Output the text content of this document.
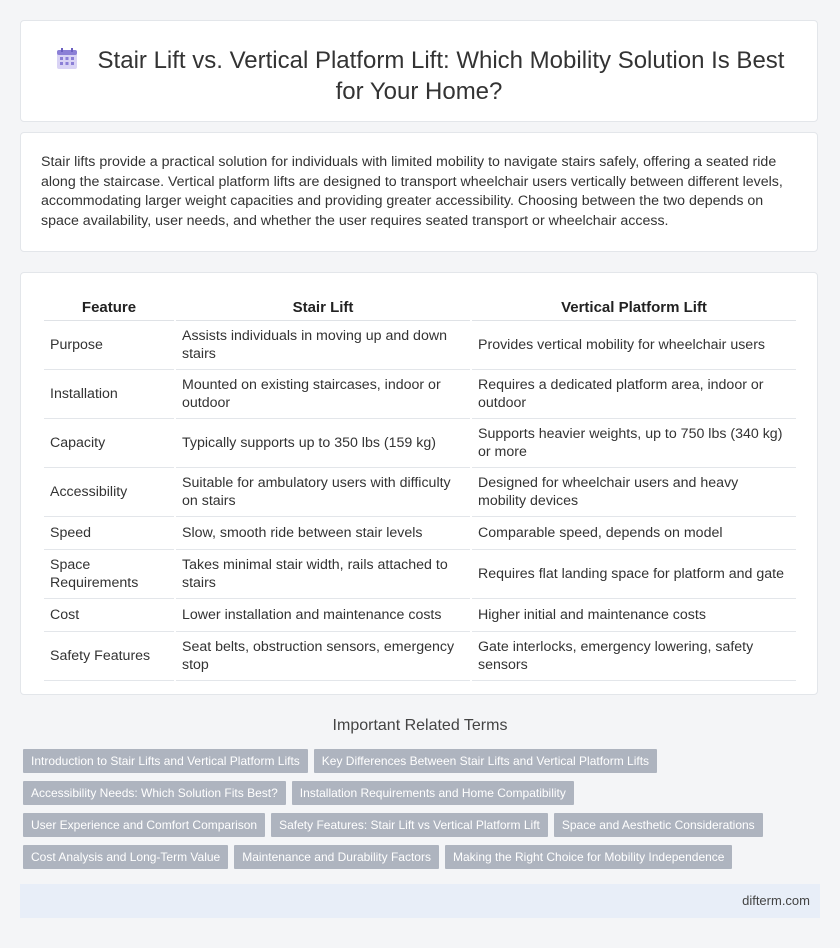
Stair Lift vs. Vertical Platform Lift: Which Mobility Solution Is Best for Your Home?

Stair lifts provide a practical solution for individuals with limited mobility to navigate stairs safely, offering a seated ride along the staircase. Vertical platform lifts are designed to transport wheelchair users vertically between different levels, accommodating larger weight capacities and providing greater accessibility. Choosing between the two depends on space availability, user needs, and whether the user requires seated transport or wheelchair access.

Feature	Stair Lift	Vertical Platform Lift
Purpose	Assists individuals in moving up and down stairs	Provides vertical mobility for wheelchair users
Installation	Mounted on existing staircases, indoor or outdoor	Requires a dedicated platform area, indoor or outdoor
Capacity	Typically supports up to 350 lbs (159 kg)	Supports heavier weights, up to 750 lbs (340 kg) or more
Accessibility	Suitable for ambulatory users with difficulty on stairs	Designed for wheelchair users and heavy mobility devices
Speed	Slow, smooth ride between stair levels	Comparable speed, depends on model
Space Requirements	Takes minimal stair width, rails attached to stairs	Requires flat landing space for platform and gate
Cost	Lower installation and maintenance costs	Higher initial and maintenance costs
Safety Features	Seat belts, obstruction sensors, emergency stop	Gate interlocks, emergency lowering, safety sensors
Important Related Terms
Introduction to Stair Lifts and Vertical Platform Lifts Key Differences Between Stair Lifts and Vertical Platform Lifts
Accessibility Needs: Which Solution Fits Best? Installation Requirements and Home Compatibility
User Experience and Comfort Comparison Safety Features: Stair Lift vs Vertical Platform Lift Space and Aesthetic Considerations
Cost Analysis and Long-Term Value Maintenance and Durability Factors Making the Right Choice for Mobility Independence
difterm.com
